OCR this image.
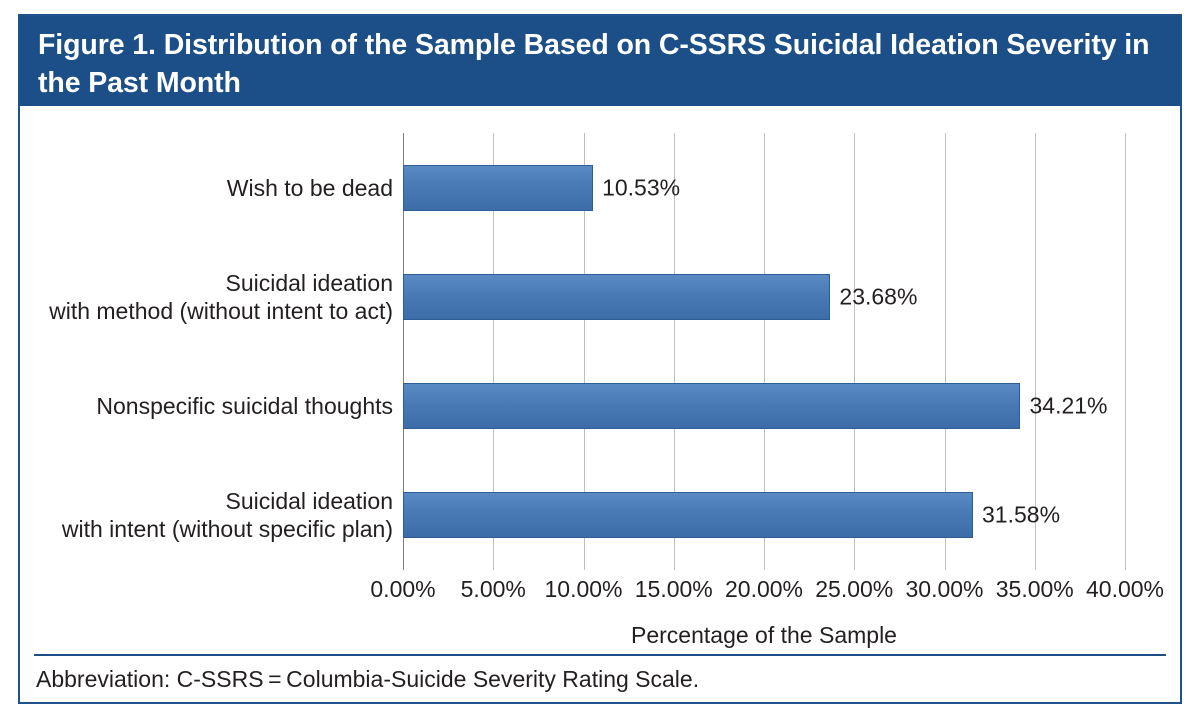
Figure 1. Distribution of the Sample Based on C-SSRS Suicidal Ideation Severity in the Past Month
Wish to be dead
Suicidal ideation
with method (without intent to act)
Nonspecific suicidal thoughts
Suicidal ideation
with intent (without specific plan)
10.53%
23.68%
34.21%
31.58%
0.00% 5.00% 10.00% 15.00% 20.00% 25.00% 30.00% 35.00% 40.00%
Percentage of the Sample
Abbreviation: C-SSRS = Columbia-Suicide Severity Rating Scale.
